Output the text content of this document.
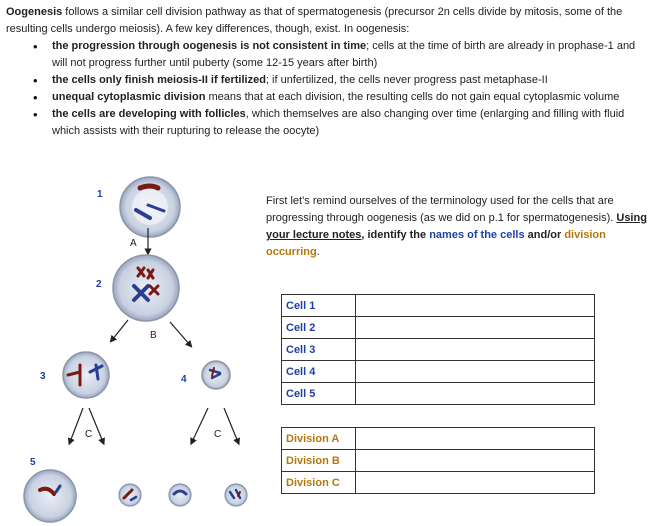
Oogenesis follows a similar cell division pathway as that of spermatogenesis (precursor 2n cells divide by mitosis, some of the resulting cells undergo meiosis). A few key differences, though, exist. In oogenesis:
• the progression through oogenesis is not consistent in time; cells at the time of birth are already in prophase-1 and will not progress further until puberty (some 12-15 years after birth)
• the cells only finish meiosis-II if fertilized; if unfertilized, the cells never progress past metaphase-II
• unequal cytoplasmic division means that at each division, the resulting cells do not gain equal cytoplasmic volume
• the cells are developing with follicles, which themselves are also changing over time (enlarging and filling with fluid which assists with their rupturing to release the oocyte)
1
A
2
B
3	4
C	C
5
First let’s remind ourselves of the terminology used for the cells that are progressing through oogenesis (as we did on p.1 for spermatogenesis). Using your lecture notes, identify the names of the cells and/or division occurring.
Cell 1	
Cell 2	
Cell 3	
Cell 4	
Cell 5	
Division A	
Division B	
Division C	
